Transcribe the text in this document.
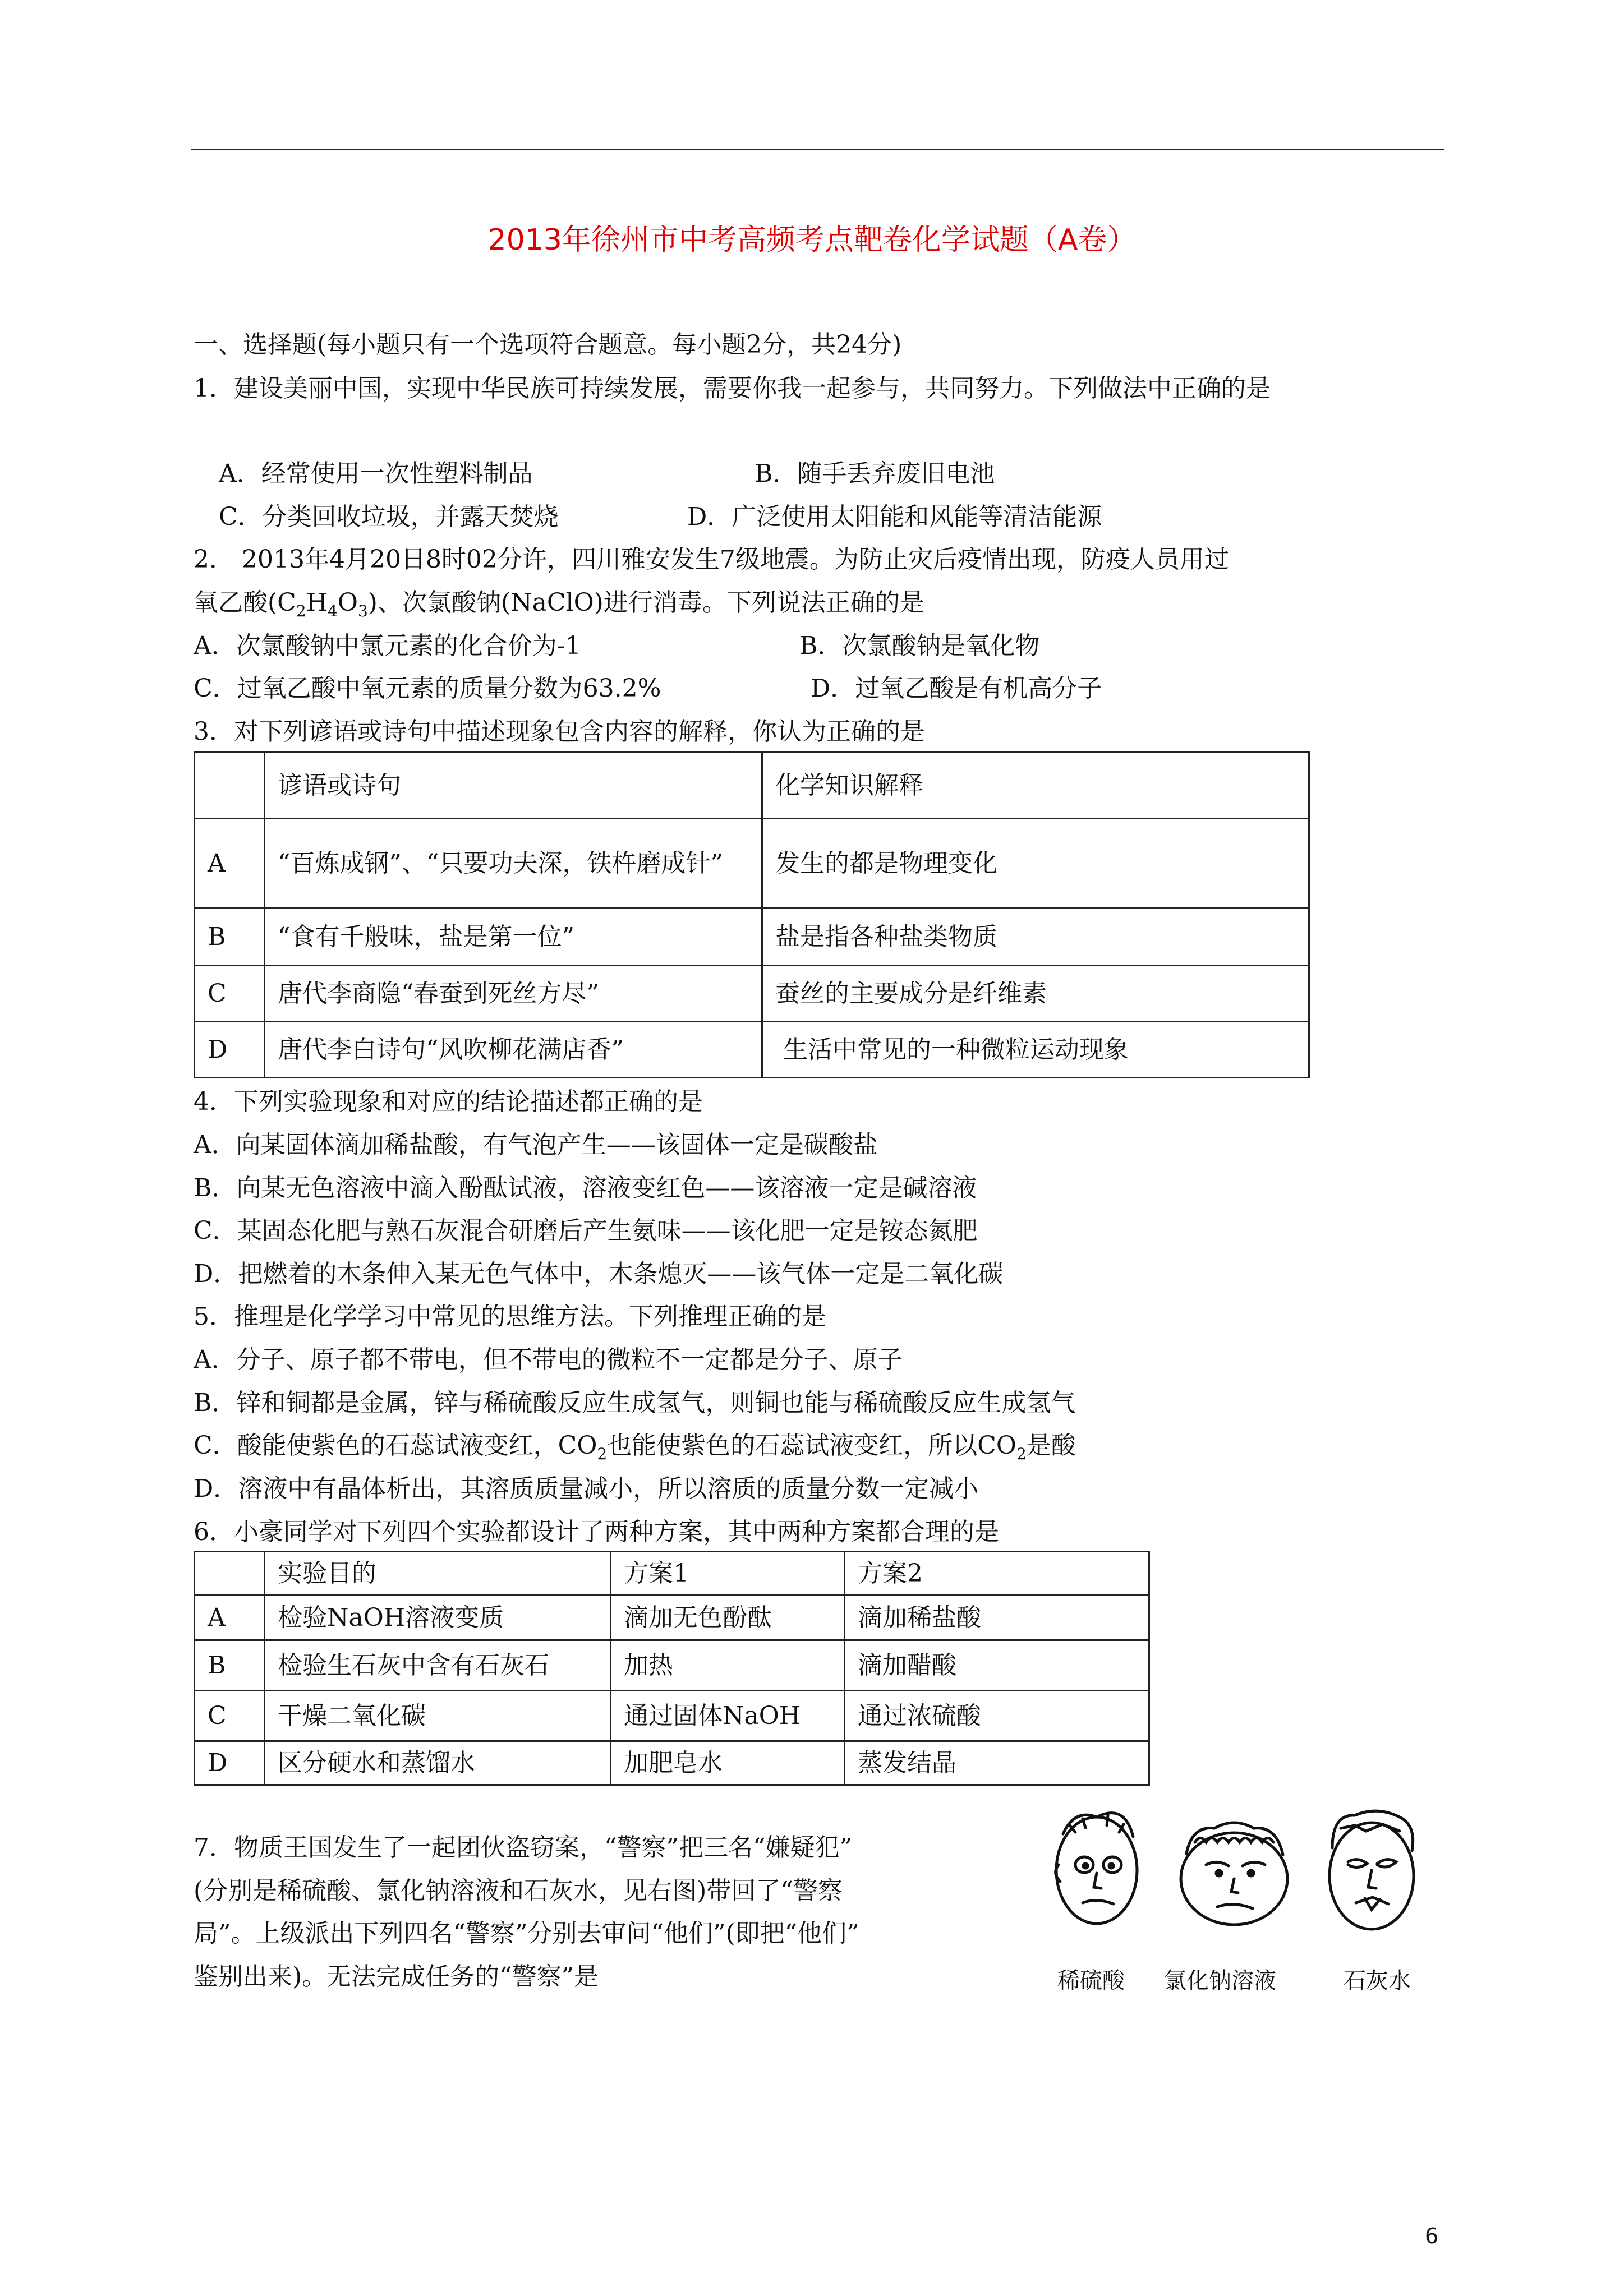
2013年徐州市中考高频考点靶卷化学试题（A卷）
一、选择题(每小题只有一个选项符合题意。每小题2分，共24分)
1．建设美丽中国，实现中华民族可持续发展，需要你我一起参与，共同努力。下列做法中正确的是
A．经常使用一次性塑料制品	B．随手丢弃废旧电池
C．分类回收垃圾，并露天焚烧	D．广泛使用太阳能和风能等清洁能源
2． 2013年4月20日8时02分许，四川雅安发生7级地震。为防止灾后疫情出现，防疫人员用过
氧乙酸$(C_2H_4O_3)$、次氯酸钠(NaClO)进行消毒。下列说法正确的是
A．次氯酸钠中氯元素的化合价为-1	B．次氯酸钠是氧化物
C．过氧乙酸中氧元素的质量分数为63.2%	D．过氧乙酸是有机高分子
3．对下列谚语或诗句中描述现象包含内容的解释，你认为正确的是
	谚语或诗句	化学知识解释
A	“百炼成钢”、“只要功夫深，铁杵磨成针”	发生的都是物理变化
B	“食有千般味，盐是第一位”	盐是指各种盐类物质
C	唐代李商隐“春蚕到死丝方尽”	蚕丝的主要成分是纤维素
D	唐代李白诗句“风吹柳花满店香”	生活中常见的一种微粒运动现象
4．下列实验现象和对应的结论描述都正确的是
A．向某固体滴加稀盐酸，有气泡产生——该固体一定是碳酸盐
B．向某无色溶液中滴入酚酞试液，溶液变红色——该溶液一定是碱溶液
C．某固态化肥与熟石灰混合研磨后产生氨味——该化肥一定是铵态氮肥
D．把燃着的木条伸入某无色气体中，木条熄灭——该气体一定是二氧化碳
5．推理是化学学习中常见的思维方法。下列推理正确的是
A．分子、原子都不带电，但不带电的微粒不一定都是分子、原子
B．锌和铜都是金属，锌与稀硫酸反应生成氢气，则铜也能与稀硫酸反应生成氢气
C．酸能使紫色的石蕊试液变红，$CO_2$也能使紫色的石蕊试液变红，所以$CO_2$是酸
D．溶液中有晶体析出，其溶质质量减小，所以溶质的质量分数一定减小
6．小豪同学对下列四个实验都设计了两种方案，其中两种方案都合理的是
	实验目的	方案1	方案2
A	检验NaOH溶液变质	滴加无色酚酞	滴加稀盐酸
B	检验生石灰中含有石灰石	加热	滴加醋酸
C	干燥二氧化碳	通过固体NaOH	通过浓硫酸
D	区分硬水和蒸馏水	加肥皂水	蒸发结晶
7．物质王国发生了一起团伙盗窃案，“警察”把三名“嫌疑犯”
(分别是稀硫酸、氯化钠溶液和石灰水，见右图)带回了“警察
局”。上级派出下列四名“警察”分别去审问“他们”(即把“他们”
鉴别出来)。无法完成任务的“警察”是	稀硫酸 氯化钠溶液	石灰水
6
